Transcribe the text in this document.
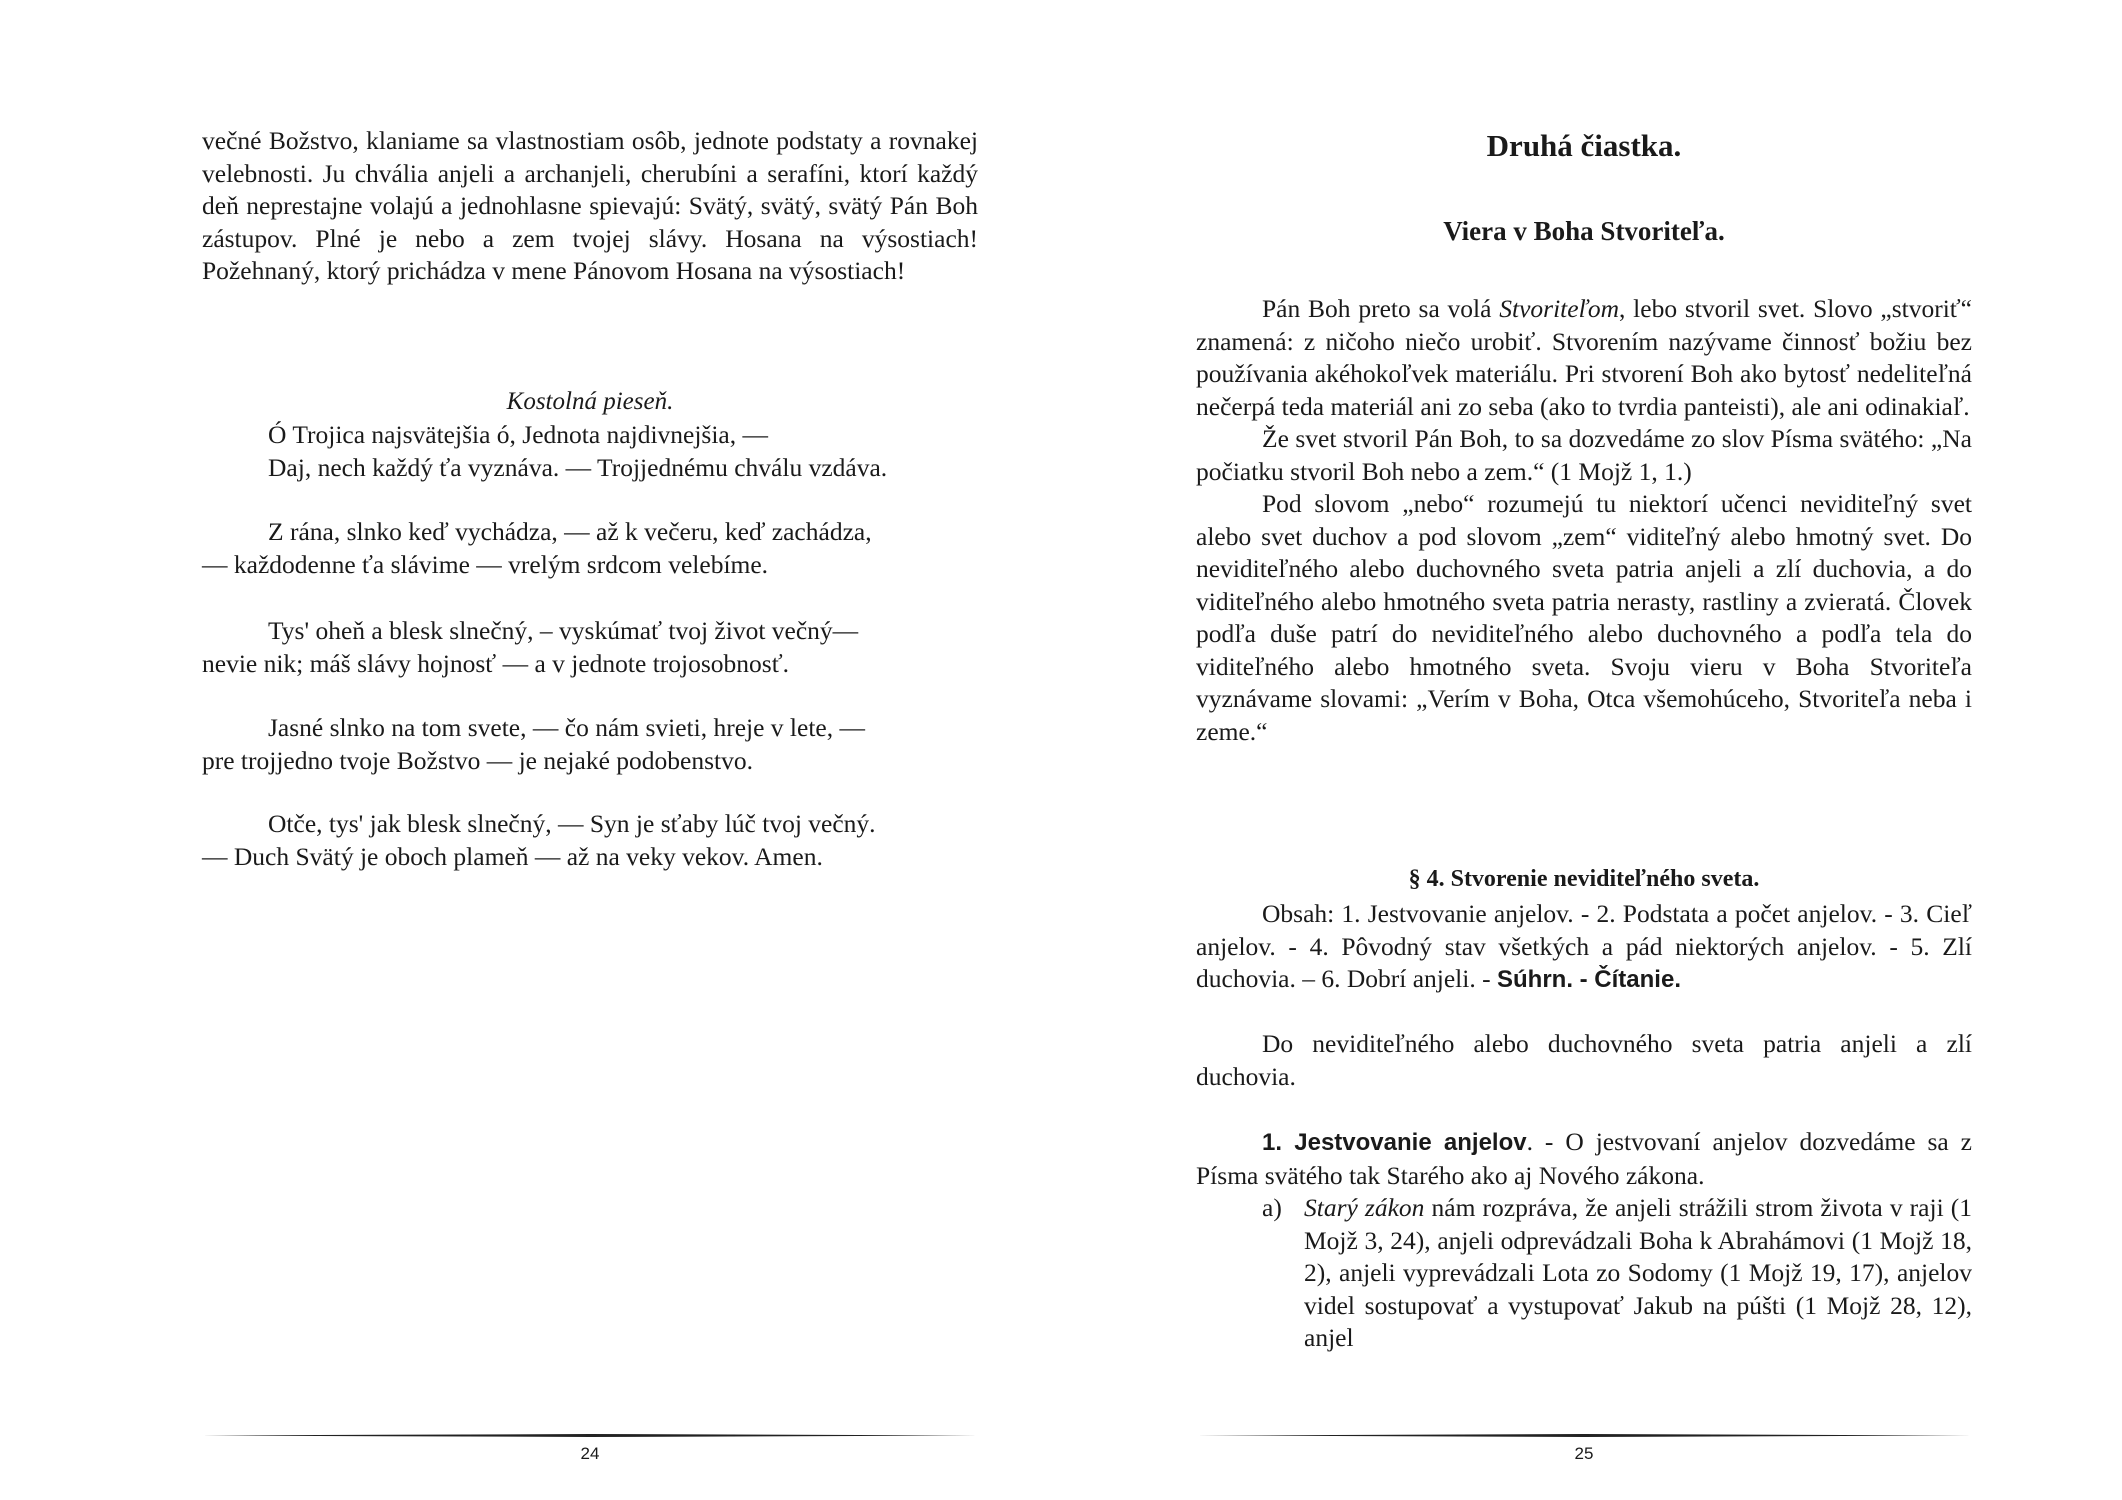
večné Božstvo, klaniame sa vlastnostiam osôb, jednote podstaty a rovnakej velebnosti. Ju chvália anjeli a archanjeli, cherubíni a serafíni, ktorí každý deň neprestajne volajú a jednohlasne spievajú: Svätý, svätý, svätý Pán Boh zástupov. Plné je nebo a zem tvojej slávy. Hosana na výsostiach! Požehnaný, ktorý prichádza v mene Pánovom Hosana na výsostiach!

Kostolná pieseň.

Ó Trojica najsvätejšia ó, Jednota najdivnejšia, —
Daj, nech každý ťa vyznáva. — Trojjednému chválu vzdáva.

Z rána, slnko keď vychádza, — až k večeru, keď zachádza,
— každodenne ťa slávime — vrelým srdcom velebíme.

Tys' oheň a blesk slnečný, – vyskúmať tvoj život večný—
nevie nik; máš slávy hojnosť — a v jednote trojosobnosť.

Jasné slnko na tom svete, — čo nám svieti, hreje v lete, —
pre trojjedno tvoje Božstvo — je nejaké podobenstvo.

Otče, tys' jak blesk slnečný, — Syn je sťaby lúč tvoj večný.
— Duch Svätý je oboch plameň — až na veky vekov. Amen.

24
Druhá čiastka.
Viera v Boha Stvoriteľa.

Pán Boh preto sa volá Stvoriteľom, lebo stvoril svet. Slovo „stvoriť“ znamená: z ničoho niečo urobiť. Stvorením nazývame činnosť božiu bez používania akéhokoľvek materiálu. Pri stvorení Boh ako bytosť nedeliteľná nečerpá teda materiál ani zo seba (ako to tvrdia panteisti), ale ani odinakiaľ.

Že svet stvoril Pán Boh, to sa dozvedáme zo slov Písma svätého: „Na počiatku stvoril Boh nebo a zem.“ (1 Mojž 1, 1.)

Pod slovom „nebo“ rozumejú tu niektorí učenci neviditeľný svet alebo svet duchov a pod slovom „zem“ viditeľný alebo hmotný svet. Do neviditeľného alebo duchovného sveta patria anjeli a zlí duchovia, a do viditeľného alebo hmotného sveta patria nerasty, rastliny a zvieratá. Človek podľa duše patrí do neviditeľného alebo duchovného a podľa tela do viditeľného alebo hmotného sveta. Svoju vieru v Boha Stvoriteľa vyznávame slovami: „Verím v Boha, Otca všemohúceho, Stvoriteľa neba i zeme.“

§ 4. Stvorenie neviditeľného sveta.

Obsah: 1. Jestvovanie anjelov. - 2. Podstata a počet anjelov. - 3. Cieľ anjelov. - 4. Pôvodný stav všetkých a pád niektorých anjelov. - 5. Zlí duchovia. – 6. Dobrí anjeli. - Súhrn. - Čítanie.

Do neviditeľného alebo duchovného sveta patria anjeli a zlí duchovia.

1. Jestvovanie anjelov. - O jestvovaní anjelov dozvedáme sa z Písma svätého tak Starého ako aj Nového zákona.

a) Starý zákon nám rozpráva, že anjeli strážili strom života v raji (1 Mojž 3, 24), anjeli odprevádzali Boha k Abrahámovi (1 Mojž 18, 2), anjeli vyprevádzali Lota zo Sodomy (1 Mojž 19, 17), anjelov videl sostupovať a vystupovať Jakub na púšti (1 Mojž 28, 12), anjel
25
